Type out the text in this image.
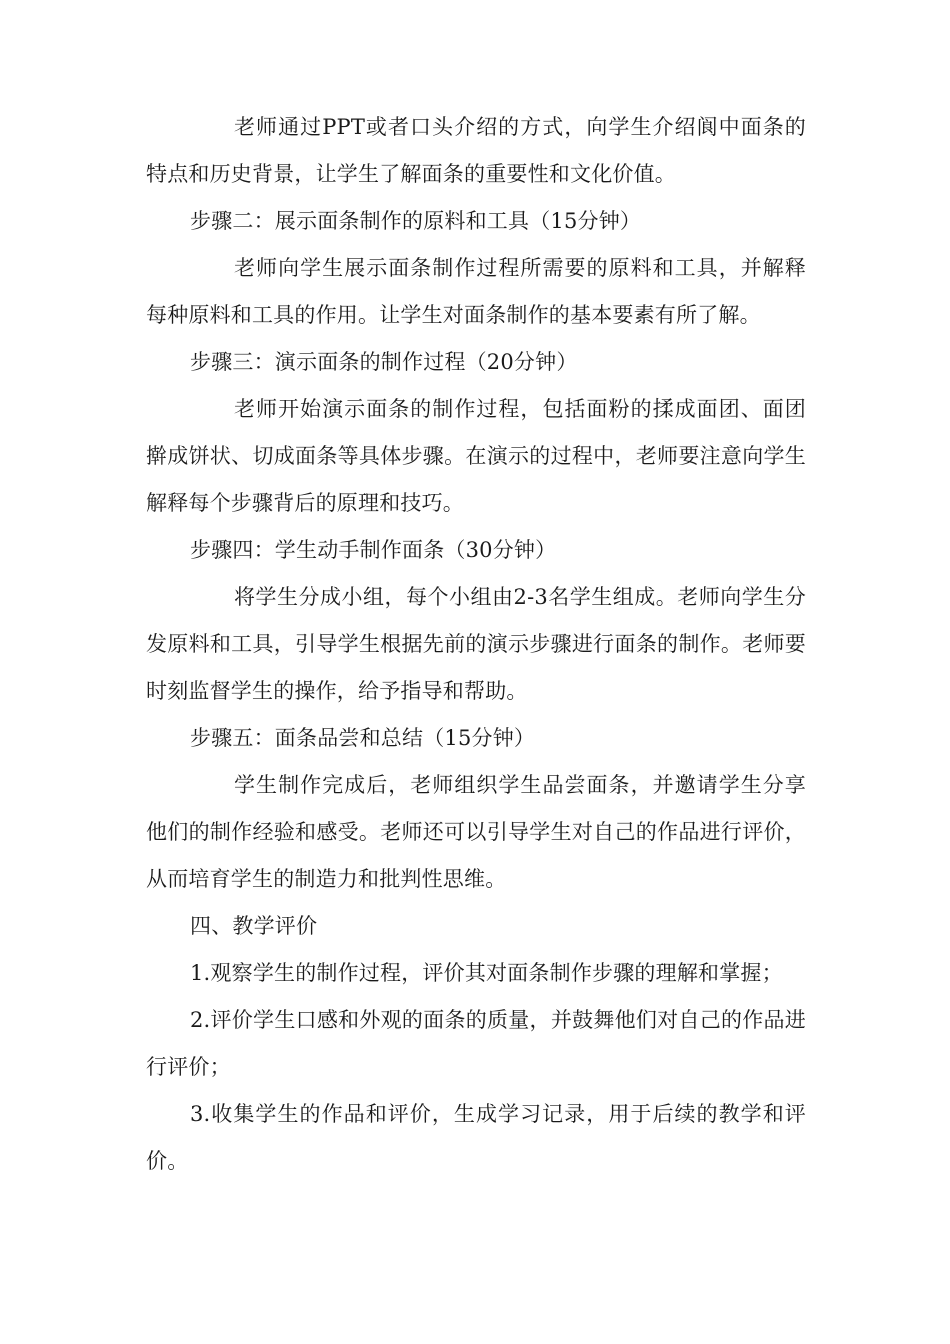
老师通过PPT或者口头介绍的方式，向学生介绍阆中面条的特点和历史背景，让学生了解面条的重要性和文化价值。

步骤二：展示面条制作的原料和工具（15分钟）

老师向学生展示面条制作过程所需要的原料和工具，并解释每种原料和工具的作用。让学生对面条制作的基本要素有所了解。

步骤三：演示面条的制作过程（20分钟）

老师开始演示面条的制作过程，包括面粉的揉成面团、面团擀成饼状、切成面条等具体步骤。在演示的过程中，老师要注意向学生解释每个步骤背后的原理和技巧。

步骤四：学生动手制作面条（30分钟）

将学生分成小组，每个小组由2-3名学生组成。老师向学生分发原料和工具，引导学生根据先前的演示步骤进行面条的制作。老师要时刻监督学生的操作，给予指导和帮助。

步骤五：面条品尝和总结（15分钟）

学生制作完成后，老师组织学生品尝面条，并邀请学生分享他们的制作经验和感受。老师还可以引导学生对自己的作品进行评价，从而培育学生的制造力和批判性思维。

四、教学评价

1.观察学生的制作过程，评价其对面条制作步骤的理解和掌握；

2.评价学生口感和外观的面条的质量，并鼓舞他们对自己的作品进行评价；

3.收集学生的作品和评价，生成学习记录，用于后续的教学和评价。
